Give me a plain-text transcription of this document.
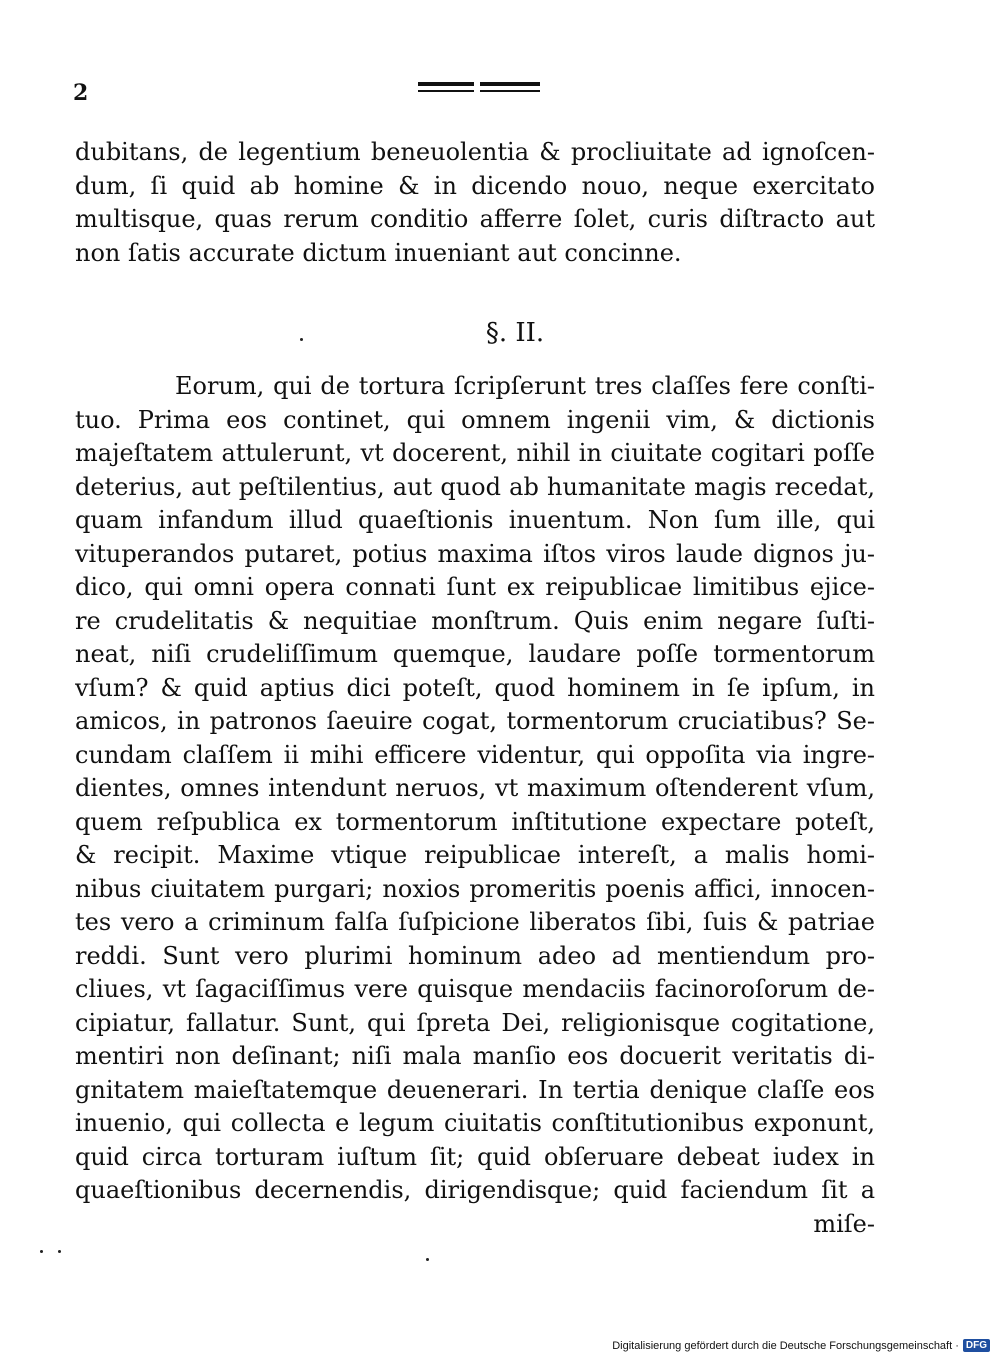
2
dubitans, de legentium beneuolentia & procliuitate ad ignoſcen-
dum, ſi quid ab homine & in dicendo nouo, neque exercitato
multisque, quas rerum conditio afferre ſolet, curis diſtracto aut
non ſatis accurate dictum inueniant aut concinne.
§. II.
Eorum, qui de tortura ſcripſerunt tres claſſes fere conſti-
tuo. Prima eos continet, qui omnem ingenii vim, & dictionis
majeſtatem attulerunt, vt docerent, nihil in ciuitate cogitari poſſe
deterius, aut peſtilentius, aut quod ab humanitate magis recedat,
quam infandum illud quaeſtionis inuentum. Non ſum ille, qui
vituperandos putaret, potius maxima iſtos viros laude dignos ju-
dico, qui omni opera connati ſunt ex reipublicae limitibus ejice-
re crudelitatis & nequitiae monſtrum. Quis enim negare ſuſti-
neat, niſi crudeliſſimum quemque, laudare poſſe tormentorum
vſum? & quid aptius dici poteſt, quod hominem in ſe ipſum, in
amicos, in patronos ſaeuire cogat, tormentorum cruciatibus? Se-
cundam claſſem ii mihi efficere videntur, qui oppoſita via ingre-
dientes, omnes intendunt neruos, vt maximum oſtenderent vſum,
quem reſpublica ex tormentorum inſtitutione expectare poteſt,
& recipit. Maxime vtique reipublicae intereſt, a malis homi-
nibus ciuitatem purgari; noxios promeritis poenis affici, innocen-
tes vero a criminum falſa ſuſpicione liberatos ſibi, ſuis & patriae
reddi. Sunt vero plurimi hominum adeo ad mentiendum pro-
cliues, vt ſagaciſſimus vere quisque mendaciis facinoroſorum de-
cipiatur, fallatur. Sunt, qui ſpreta Dei, religionisque cogitatione,
mentiri non deſinant; niſi mala manſio eos docuerit veritatis di-
gnitatem maieſtatemque deuenerari. In tertia denique claſſe eos
inuenio, qui collecta e legum ciuitatis conſtitutionibus exponunt,
quid circa torturam iuſtum ſit; quid obſeruare debeat iudex in
quaeſtionibus decernendis, dirigendisque; quid faciendum ſit a
miſe-
Digitalisierung gefördert durch die Deutsche Forschungsgemeinschaft · DFG
